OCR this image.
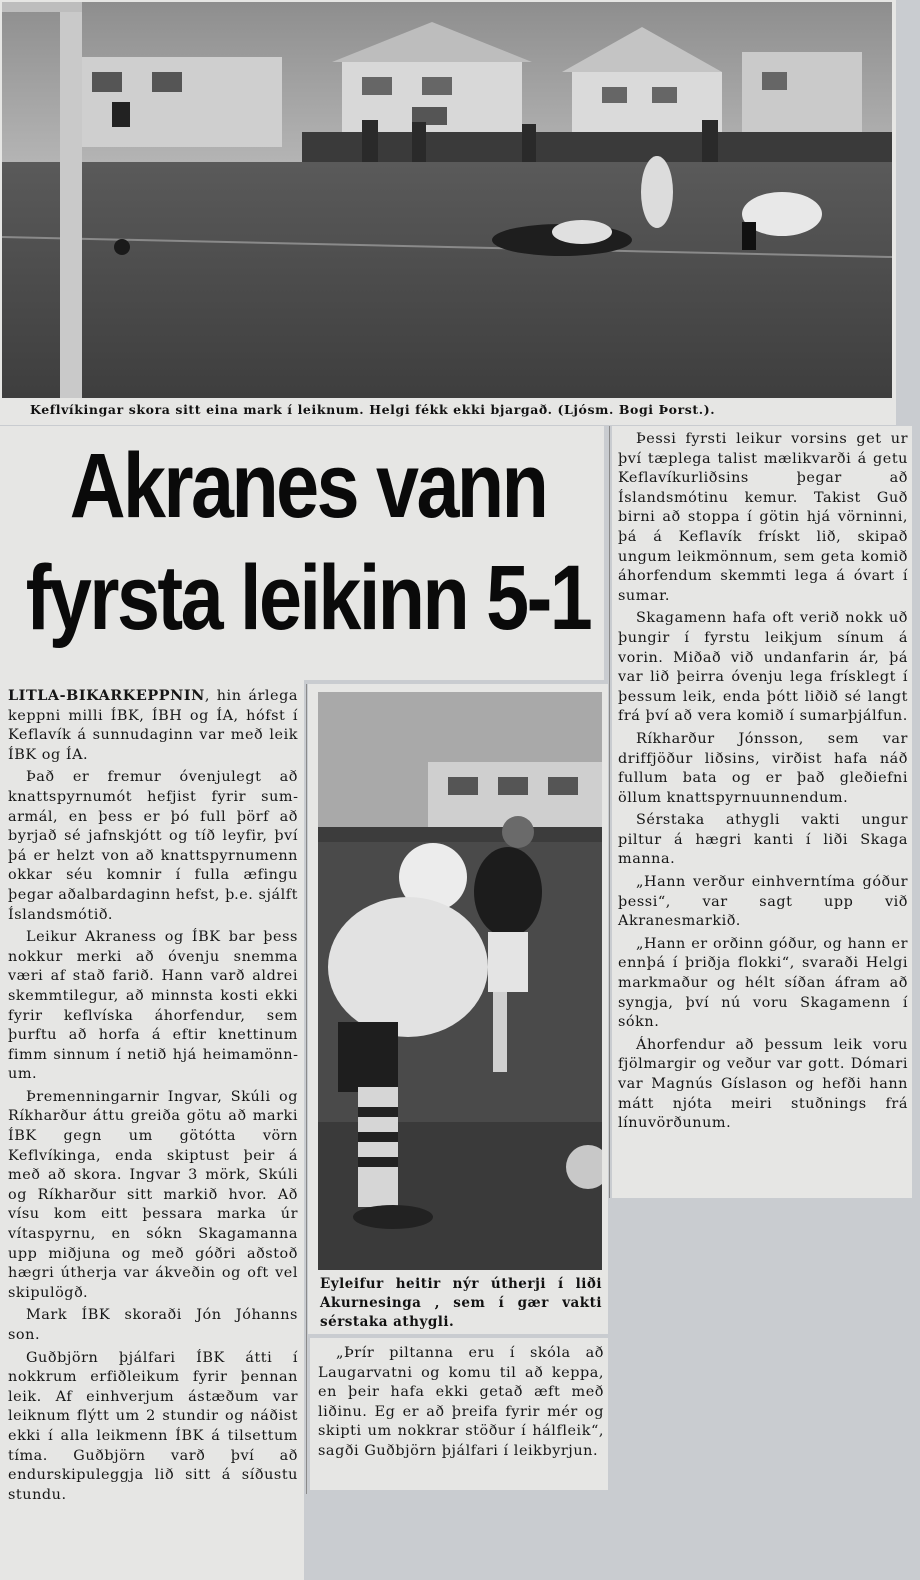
Keflvíkingar skora sitt eina mark í leiknum. Helgi fékk ekki bjargað. (Ljósm. Bogi Þorst.).
Akranes vann
fyrsta leikinn 5-1

LITLA-BIKARKEPPNIN, hin árlega keppni milli ÍBK, ÍBH og ÍA, hófst í Keflavík á sunnudaginn var með leik ÍBK og ÍA.

Það er fremur óvenjulegt að knattspyrnumót hefjist fyrir sumarmál, en þess er þó full þörf að byrjað sé jafnskjótt og tíð leyfir, því þá er helzt von að knattspyrnumenn okkar séu komnir í fulla æfingu þegar aðalbardaginn hefst, þ.e. sjálft Íslandsmótið.

Leikur Akraness og ÍBK bar þess nokkur merki að óvenju snemma væri af stað farið. Hann varð aldrei skemmtilegur, að minnsta kosti ekki fyrir keflvíska áhorfendur, sem þurftu að horfa á eftir knettinum fimm sinnum í netið hjá heimamönnum.

Þremenningarnir Ingvar, Skúli og Ríkharður áttu greiða götu að marki ÍBK gegn um götótta vörn Keflvíkinga, enda skiptust þeir á með að skora. Ingvar 3 mörk, Skúli og Ríkharður sitt markið hvor. Að vísu kom eitt þessara marka úr vítaspyrnu, en sókn Skagamanna upp miðjuna og með góðri aðstoð hægri útherja var ákveðin og oft vel skipulögð.

Mark ÍBK skoraði Jón Jóhanns son.

Guðbjörn þjálfari ÍBK átti í nokkrum erfiðleikum fyrir þennan leik. Af einhverjum ástæðum var leiknum flýtt um 2 stundir og náðist ekki í alla leikmenn ÍBK á tilsettum tíma. Guðbjörn varð því að endurskipuleggja lið sitt á síðustu stundu.

Eyleifur heitir nýr útherji í liði Akurnesinga , sem í gær vakti sérstaka athygli.

„Þrír piltanna eru í skóla að Laugarvatni og komu til að keppa, en þeir hafa ekki getað æft með liðinu. Eg er að þreifa fyrir mér og skipti um nokkrar stöður í hálfleik“, sagði Guðbjörn þjálfari í leikbyrjun.

Þessi fyrsti leikur vorsins get ur því tæplega talist mælikvarði á getu Keflavíkurliðsins þegar að Íslandsmótinu kemur. Takist Guð birni að stoppa í götin hjá vörninni, þá á Keflavík frískt lið, skipað ungum leikmönnum, sem geta komið áhorfendum skemmti lega á óvart í sumar.

Skagamenn hafa oft verið nokk uð þungir í fyrstu leikjum sínum á vorin. Miðað við undanfarin ár, þá var lið þeirra óvenju lega frísklegt í þessum leik, enda þótt liðið sé langt frá því að vera komið í sumarþjálfun.

Ríkharður Jónsson, sem var driffjöður liðsins, virðist hafa náð fullum bata og er það gleðiefni öllum knattspyrnuunnendum.

Sérstaka athygli vakti ungur piltur á hægri kanti í liði Skaga manna.

„Hann verður einhverntíma góður þessi“, var sagt upp við Akranesmarkið.

„Hann er orðinn góður, og hann er ennþá í þriðja flokki“, svaraði Helgi markmaður og hélt síðan áfram að syngja, því nú voru Skagamenn í sókn.

Áhorfendur að þessum leik voru fjölmargir og veður var gott. Dómari var Magnús Gíslason og hefði hann mátt njóta meiri stuðnings frá línuvörðunum.
